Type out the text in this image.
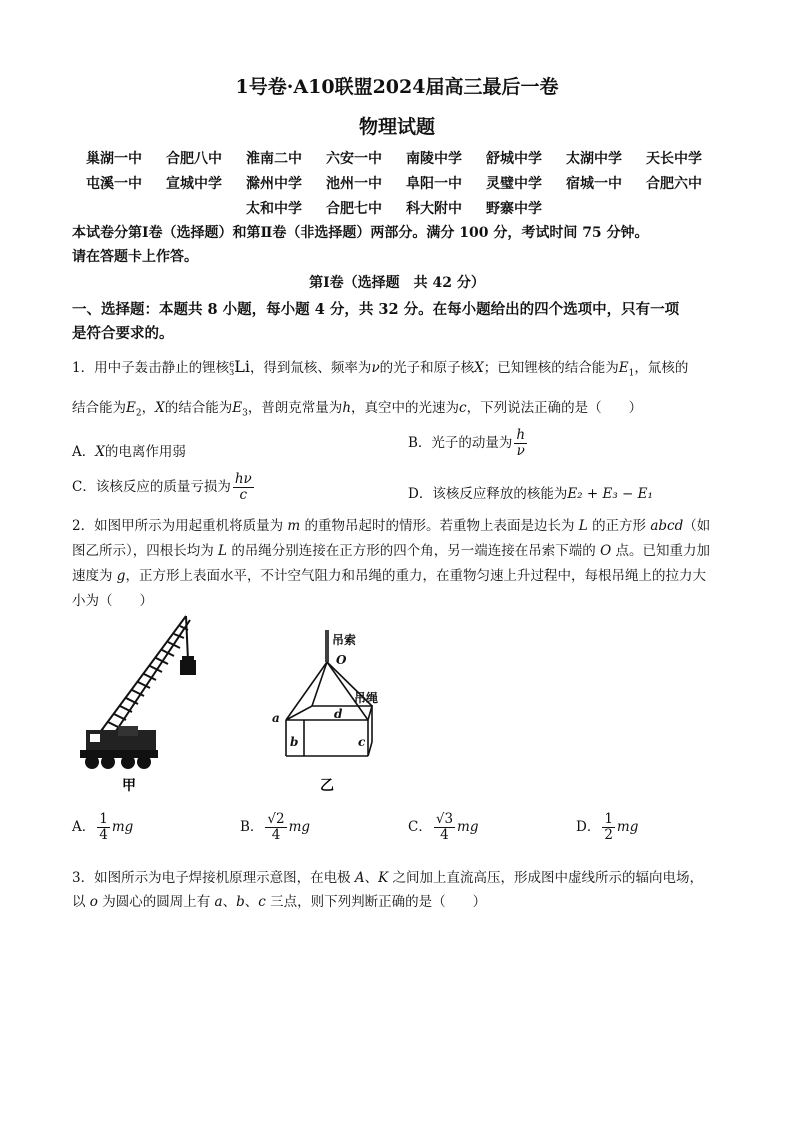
1号卷·A10联盟2024届高三最后一卷
物理试题
巢湖一中 合肥八中 淮南二中 六安一中 南陵中学 舒城中学 太湖中学 天长中学
屯溪一中 宣城中学 滁州中学 池州一中 阜阳一中 灵璧中学 宿城一中 合肥六中
太和中学 合肥七中 科大附中 野寨中学
本试卷分第Ⅰ卷（选择题）和第Ⅱ卷（非选择题）两部分。满分 100 分，考试时间 75 分钟。
请在答题卡上作答。
第Ⅰ卷（选择题　共 42 分）
一、选择题：本题共 8 小题，每小题 4 分，共 32 分。在每小题给出的四个选项中，只有一项
是符合要求的。
1．用中子轰击静止的锂核 6
3 Li，得到氚核、频率为ν的光子和原子核X；已知锂核的结合能为$E_1$，氚核的
结合能为$E_2$，X的结合能为$E_3$，普朗克常量为h，真空中的光速为c，下列说法正确的是（　　）
A．X的电离作用弱
B．光子的动量为 $\frac{h}{\nu}$
C．该核反应的质量亏损为 $\frac{h\nu}{c}$	D．该核反应释放的核能为E₂ + E₃ − E₁
2．如图甲所示为用起重机将质量为 m 的重物吊起时的情形。若重物上表面是边长为 L 的正方形 abcd（如
图乙所示），四根长均为 L 的吊绳分别连接在正方形的四个角，另一端连接在吊索下端的 O 点。已知重力加
速度为 g，正方形上表面水平，不计空气阻力和吊绳的重力，在重物匀速上升过程中，每根吊绳上的拉力大
小为（　　）
甲
吊索
O
吊绳
a
b	c
d
乙
A． $\frac{1}{4}$ mg	B． $\frac{√2}{4}$ mg	C． $\frac{√3}{4}$ mg	D． $\frac{1}{2}$ mg
3．如图所示为电子焊接机原理示意图，在电极 A、K 之间加上直流高压，形成图中虚线所示的辐向电场，
以 o 为圆心的圆周上有 a、b、c 三点，则下列判断正确的是（　　）
